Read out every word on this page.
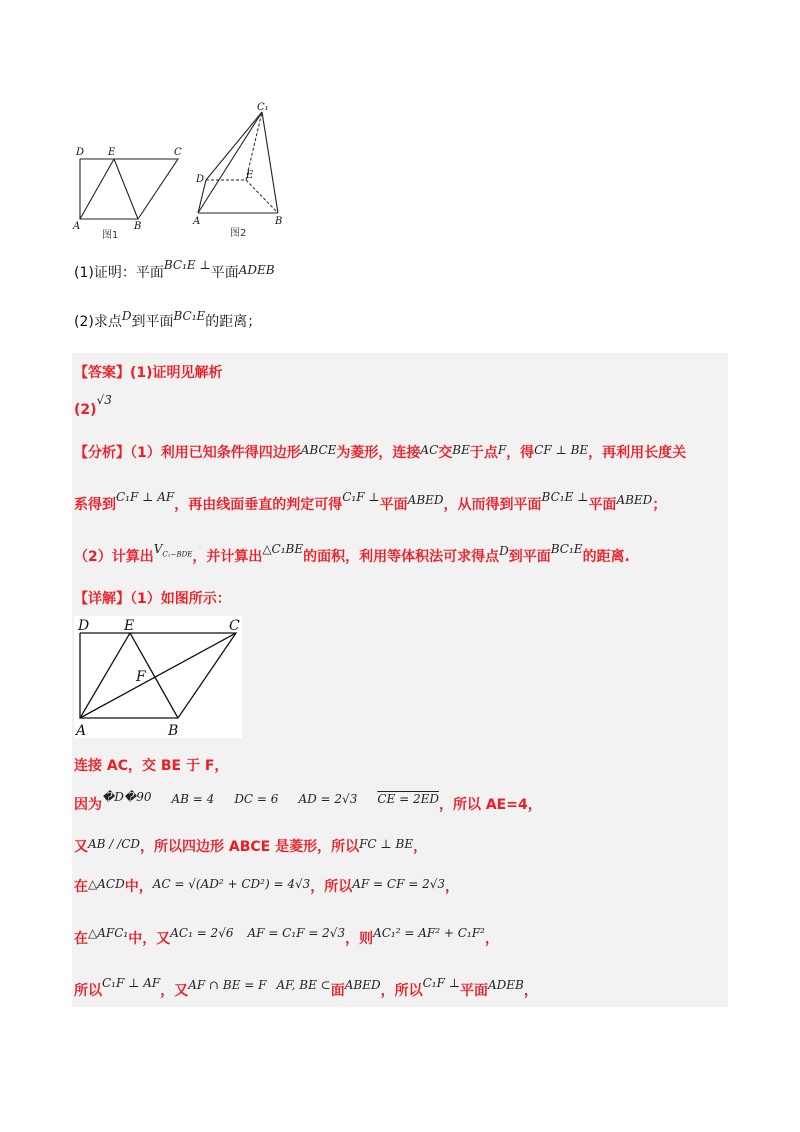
D E	C
A	B
图1
C₁
D	E
A	B
图2
(1)证明：平面BC₁E ⊥平面ADEB
(2)求点D到平面BC₁E的距离；
【答案】(1)证明见解析
(2)√3
【分析】（1）利用已知条件得四边形ABCE为菱形，连接AC交BE于点F，得CF ⊥ BE，再利用长度关
系得到C₁F ⊥ AF，再由线面垂直的判定可得C₁F ⊥平面ABED，从而得到平面BC₁E ⊥平面ABED；
（2）计算出$V_{C_1-BDE}$，并计算出△C₁BE的面积，利用等体积法可求得点D到平面BC₁E的距离.
【详解】（1）如图所示：
D E	C
F
A	B
连接 AC，交 BE 于 F，
因为�D�90 AB = 4 DC = 6 AD = 2√3 CE = 2ED，所以 AE=4，
又AB / /CD，所以四边形 ABCE 是菱形，所以FC ⊥ BE，
在△ACD中，AC = √(AD² + CD²) = 4√3，所以AF = CF = 2√3，
在△AFC₁中，又AC₁ = 2√6 AF = C₁F = 2√3，则AC₁² = AF² + C₁F²，
所以C₁F ⊥ AF，又AF ∩ BE = F AF, BE ⊂面ABED，所以C₁F ⊥平面ADEB，
